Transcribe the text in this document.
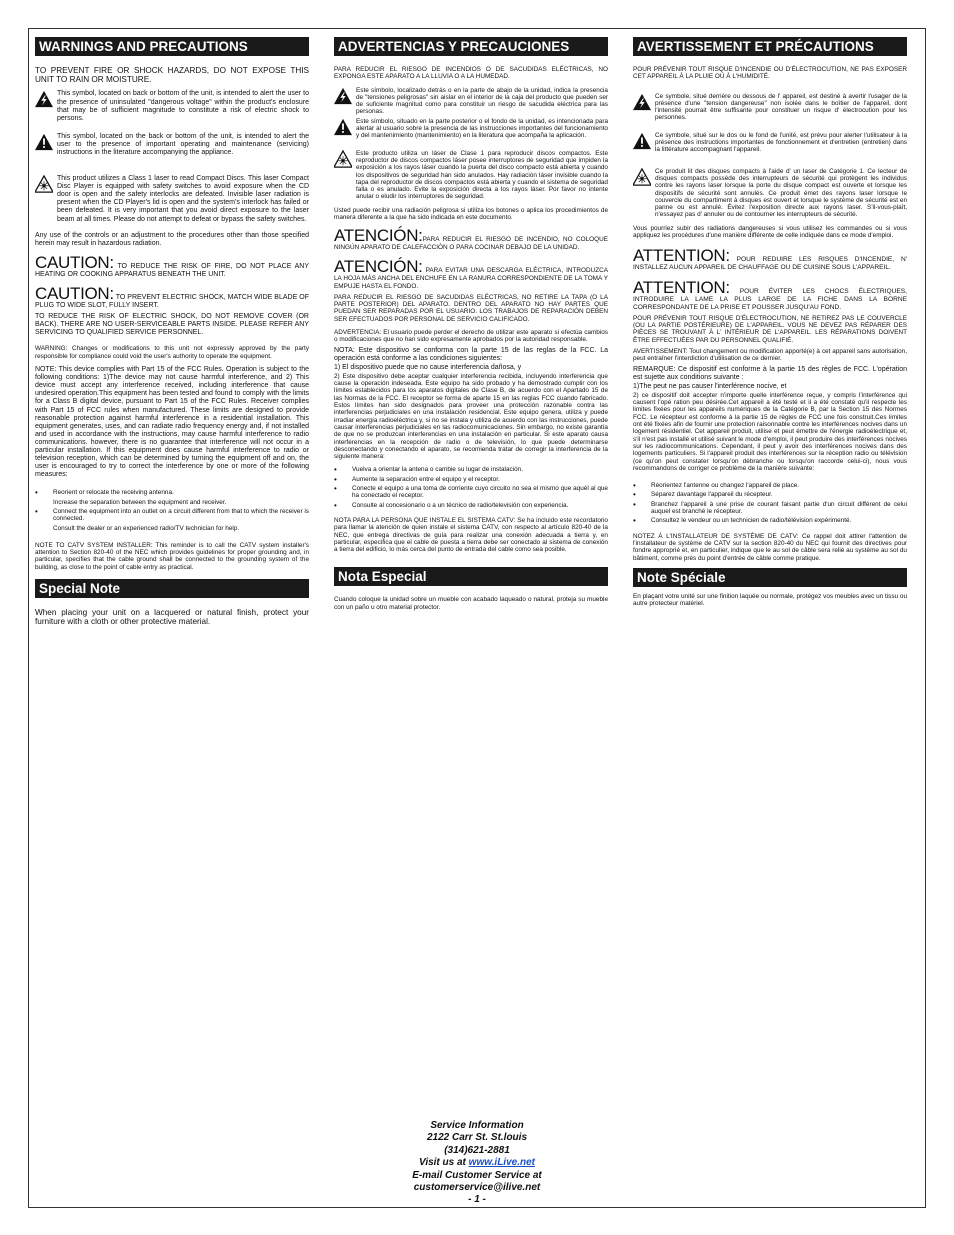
WARNINGS AND PRECAUTIONS
TO PREVENT FIRE OR SHOCK HAZARDS, DO NOT EXPOSE THIS UNIT TO RAIN OR MOISTURE.
This symbol, located on back or bottom of the unit, is intended to alert the user to the presence of uninsulated "dangerous voltage" within the product's enclosure that may be of sufficient magnitude to constitute a risk of electric shock to persons.
This symbol, located on the back or bottom of the unit, is intended to alert the user to the presence of important operating and maintenance (servicing) instructions in the literature accompanying the appliance.
This product utilizes a Class 1 laser to read Compact Discs. This laser Compact Disc Player is equipped with safety switches to avoid exposure when the CD door is open and the safety interlocks are defeated. Invisible laser radiation is present when the CD Player's lid is open and the system's interlock has failed or been defeated. It is very important that you avoid direct exposure to the laser beam at all times. Please do not attempt to defeat or bypass the safety switches.
Any use of the controls or an adjustment to the procedures other than those specified herein may result in hazardous radiation.
CAUTION: TO REDUCE THE RISK OF FIRE, DO NOT PLACE ANY HEATING OR COOKING APPARATUS BENEATH THE UNIT.
CAUTION: TO PREVENT ELECTRIC SHOCK, MATCH WIDE BLADE OF PLUG TO WIDE SLOT, FULLY INSERT.
TO REDUCE THE RISK OF ELECTRIC SHOCK, DO NOT REMOVE COVER (OR BACK). THERE ARE NO USER-SERVICEABLE PARTS INSIDE. PLEASE REFER ANY SERVICING TO QUALIFIED SERVICE PERSONNEL.
WARNING: Changes or modifications to this unit not expressly approved by the party responsible for compliance could void the user's authority to operate the equipment.
NOTE: This device complies with Part 15 of the FCC Rules. Operation is subject to the following conditions: 1)The device may not cause harmful interference, and 2) This device must accept any interference received, including interference that cause undesired operation.This equipment has been tested and found to comply with the limits for a Class B digital device, pursuant to Part 15 of the FCC Rules. Receiver complies with Part 15 of FCC rules when manufactured. These limits are designed to provide reasonable protection against harmful interference in a residential installation. This equipment generates, uses, and can radiate radio frequency energy and, if not installed and used in accordance with the instructions, may cause harmful interference to radio communications. however, there is no guarantee that interference will not occur in a particular installation. If this equipment does cause harmful interference to radio or television reception, which can be determined by turning the equipment off and on, the user is encouraged to try to correct the interference by one or more of the following measures:
•	Reorient or relocate the receiving antenna.
Increase the separation between the equipment and receiver.
•	Connect the equipment into an outlet on a circuit different from that to which the receiver is connected.
Consult the dealer or an experienced radio/TV technician for help.
NOTE TO CATV SYSTEM INSTALLER: This reminder is to call the CATV system installer's attention to Section 820-40 of the NEC which provides guidelines for proper grounding and, in particular, specifies that the cable ground shall be connected to the grounding system of the building, as close to the point of cable entry as practical.
Special Note
When placing your unit on a lacquered or natural finish, protect your furniture with a cloth or other protective material.
ADVERTENCIAS Y PRECAUCIONES
PARA REDUCIR EL RIESGO DE INCENDIOS O DE SACUDIDAS ELÉCTRICAS, NO EXPONGA ESTE APARATO A LA LLUVIA O A LA HUMEDAD.
Este símbolo, localizado detrás o en la parte de abajo de la unidad, indica la presencia de "tensiones peligrosas" sin aislar en el interior de la caja del producto que pueden ser de suficiente magnitud como para constituir un riesgo de sacudida eléctrica para las personas.
Este símbolo, situado en la parte posterior o el fondo de la unidad, es intencionada para alertar al usuario sobre la presencia de las instrucciones importantes del funcionamiento y del mantenimiento (mantenimiento) en la literatura que acompaña la aplicación.
Este producto utiliza un láser de Clase 1 para reproducir discos compactos. Este reproductor de discos compactos láser posee interruptores de seguridad que impiden la exposición a los rayos láser cuando la puerta del disco compacto está abierta y cuando los dispositivos de seguridad han sido anulados. Hay radiación láser invisible cuando la tapa del reproductor de discos compactos está abierta y cuando el sistema de seguridad falla o es anulado. Evite la exposición directa a los rayos láser. Por favor no intente anular o eludir los interruptores de seguridad.
Usted puede recibir una radiación peligrosa si utiliza los botones o aplica los procedimientos de manera diferente a la que ha sido indicada en este documento.
ATENCIÓN:PARA REDUCIR EL RIESGO DE INCENDIO, NO COLOQUE NINGÚN APARATO DE CALEFACCIÓN O PARA COCINAR DEBAJO DE LA UNIDAD.
ATENCIÓN: PARA EVITAR UNA DESCARGA ELÉCTRICA, INTRODUZCA LA HOJA MÁS ANCHA DEL ENCHUFE EN LA RANURA CORRESPONDIENTE DE LA TOMA Y EMPUJE HASTA EL FONDO.
PARA REDUCIR EL RIESGO DE SACUDIDAS ELÉCTRICAS, NO RETIRE LA TAPA (O LA PARTE POSTERIOR) DEL APARATO. DENTRO DEL APARATO NO HAY PARTES QUE PUEDAN SER REPARADAS POR EL USUARIO. LOS TRABAJOS DE REPARACIÓN DEBEN SER EFECTUADOS POR PERSONAL DE SERVICIO CALIFICADO.
ADVERTENCIA: El usuario puede perder el derecho de utilizar este aparato si efectúa cambios o modificaciones que no han sido expresamente aprobados por la autoridad responsable.
NOTA: Este dispositivo se conforma con la parte 15 de las reglas de la FCC. La operación está conforme a las condiciones siguientes:
1) El dispositivo puede que no cause interferencia dañosa, y
2) Este dispositivo debe aceptar cualquier interferencia recibida, incluyendo interferencia que cause la operación indeseada. Este equipo ha sido probado y ha demostrado cumplir con los límites establecidos para los aparatos digitales de Clase B, de acuerdo con el Apartado 15 de las Normas de la FCC. El receptor se forma de aparte 15 en las reglas FCC cuando fabricado. Estos límites han sido designados para proveer una protección razonable contra las interferencias perjudiciales en una instalación residencial. Este equipo genera, utiliza y puede irradiar energía radioeléctrica y, si no se instala y utiliza de acuerdo con las instrucciones, puede causar interferencias perjudiciales en las radiocomunicaciones. Sin embargo, no existe garantía de que no se produzcan interferencias en una instalación en particular. Si este aparato causa interferencias en la recepción de radio o de televisión, lo que puede determinarse desconectando y conectando el aparato, se recomienda tratar de corregir la interferencia de la siguiente manera:
•	Vuelva a orientar la antena o cambie su lugar de instalación.
•	Aumente la separación entre el equipo y el receptor.
•	Conecte el equipo a una toma de corriente cuyo circuito no sea el mismo que aquél al que ha conectado el receptor.
•	Consulte al concesionario o a un técnico de radio/televisión con experiencia.
NOTA PARA LA PERSONA QUE INSTALE EL SISTEMA CATV: Se ha incluido este recordatorio para llamar la atención de quien instale el sistema CATV, con respecto al artículo 820-40 de la NEC, que entrega directivas de guía para realizar una conexión adecuada a tierra y, en particular, especifica que el cable de puesta a tierra debe ser conectado al sistema de conexión a tierra del edificio, lo más cerca del punto de entrada del cable como sea posible.
Nota Especial
Cuando coloque la unidad sobre un mueble con acabado laqueado o natural, proteja su mueble con un paño u otro material protector.
AVERTISSEMENT ET PRÉCAUTIONS
POUR PRÉVENIR TOUT RISQUE D'INCENDIE OU D'ÉLECTROCUTION, NE PAS EXPOSER CET APPAREIL À LA PLUIE OU À L'HUMIDITÉ.
Ce symbole, situé derrière ou dessous de l' appareil, est destiné à avertir l'usager de la présence d'une "tension dangereuse" non isolée dans le boîtier de l'appareil, dont l'intensité pourrait être suffisante pour constituer un risque d' électrocution pour les personnes.
Ce symbole, situé sur le dos ou le fond de l'unité, est prévu pour alerter l'utilisateur à la présence des instructions importantes de fonctionnement et d'entretien (entretien) dans la littérature accompagnant l'appareil.
Ce produit lit des disques compacts à l'aide d' un laser de Catégorie 1. Ce lecteur de disques compacts possède des interrupteurs de sécurité qui protègent les individus contre les rayons laser lorsque la porte du disque compact est ouverte et lorsque les dispositifs de sécurité sont annulés. Ce produit émet des rayons laser lorsque le couvercle du compartiment à disques est ouvert et lorsque le système de sécurité est en panne ou est annulé. Évitez l'exposition directe aux rayons laser. S'il-vous-plaît, n'essayez pas d' annuler ou de contourner les interrupteurs de sécurité.
Vous pourriez subir des radiations dangereuses si vous utilisez les commandes ou si vous appliquez les procédures d'une manière différente de celle indiquée dans ce mode d'emploi.
ATTENTION: POUR REDUIRE LES RISQUES D'INCENDIE, N' INSTALLEZ AUCUN APPAREIL DE CHAUFFAGE OU DE CUISINE SOUS L'APPAREIL.
ATTENTION: POUR ÉVITER LES CHOCS ÉLECTRIQUES, INTRODUIRE LA LAME LA PLUS LARGE DE LA FICHE DANS LA BORNE CORRESPONDANTE DE LA PRISE ET POUSSER JUSQU'AU FOND.
POUR PRÉVENIR TOUT RISQUE D'ÉLECTROCUTION, NE RETIREZ PAS LE COUVERCLE (OU LA PARTIE POSTÉRIEURE) DE L'APPAREIL. VOUS NE DEVEZ PAS RÉPARER DES PIÈCES SE TROUVANT À L' INTÉRIEUR DE L'APPAREIL. LES RÉPARATIONS DOIVENT ÊTRE EFFECTUÉES PAR DU PERSONNEL QUALIFIÉ.
AVERTISSEMENT: Tout changement ou modification apporté(e) à cet appareil sans autorisation, peut entraîner l'interdiction d'utilisation de ce dernier.
REMARQUE: Ce dispositif est conforme à la partie 15 des règles de FCC. L'opération est sujette aux conditions suivante :
1)The peut ne pas causer l'interférence nocive, et
2) ce dispositif doit accepter n'importe quelle interférence reçue, y compris l'interférence qui causent l'opé ration peu désirée.Cet appareil a été testé et il a été constaté qu'il respecte les limites fixées pour les appareils numériques de la Catégorie B, par la Section 15 des Normes FCC. Le récepteur est conforme à la partie 15 de règles de FCC une fois construit.Ces limites ont été fixées afin de fournir une protection raisonnable contre les interférences nocives dans un logement résidentiel. Cet appareil produit, utilise et peut émettre de l'énergie radioélectrique et, s'il n'est pas installé et utilisé suivant le mode d'emploi, il peut produire des interférences nocives sur les radiocommunications. Cependant, il peut y avoir des interférences nocives dans des logements particuliers. Si l'appareil produit des interférences sur la réception radio ou télévision (ce qu'on peut constater lorsqu'on débranche ou lorsqu'on raccorde celui-ci), nous vous recommandons de corriger ce problème de la manière suivante:
•	Réorientez l'antenne ou changez l'appareil de place.
•	Séparez davantage l'appareil du récepteur.
•	Branchez l'appareil à une prise de courant faisant partie d'un circuit différent de celui auquel est branché le récepteur.
•	Consultez le vendeur ou un technicien de radio/télévision expérimenté.
NOTEZ À L'INSTALLATEUR DE SYSTÈME DE CATV: Ce rappel doit attirer l'attention de l'installateur de système de CATV sur la section 820-40 du NEC qui fournit des directives pour fondre approprié et, en particulier, indique que le au sol de câble sera relié au système au sol du bâtiment, comme près du point d'entrée de câble comme pratique.
Note Spéciale
En plaçant votre unité sur une finition laquée ou normale, protégez vos meubles avec un tissu ou autre protecteur matériel.
Service Information
2122 Carr St. St.louis
(314)621-2881
Visit us at www.iLive.net
E-mail Customer Service at
customerservice@ilive.net
- 1 -
